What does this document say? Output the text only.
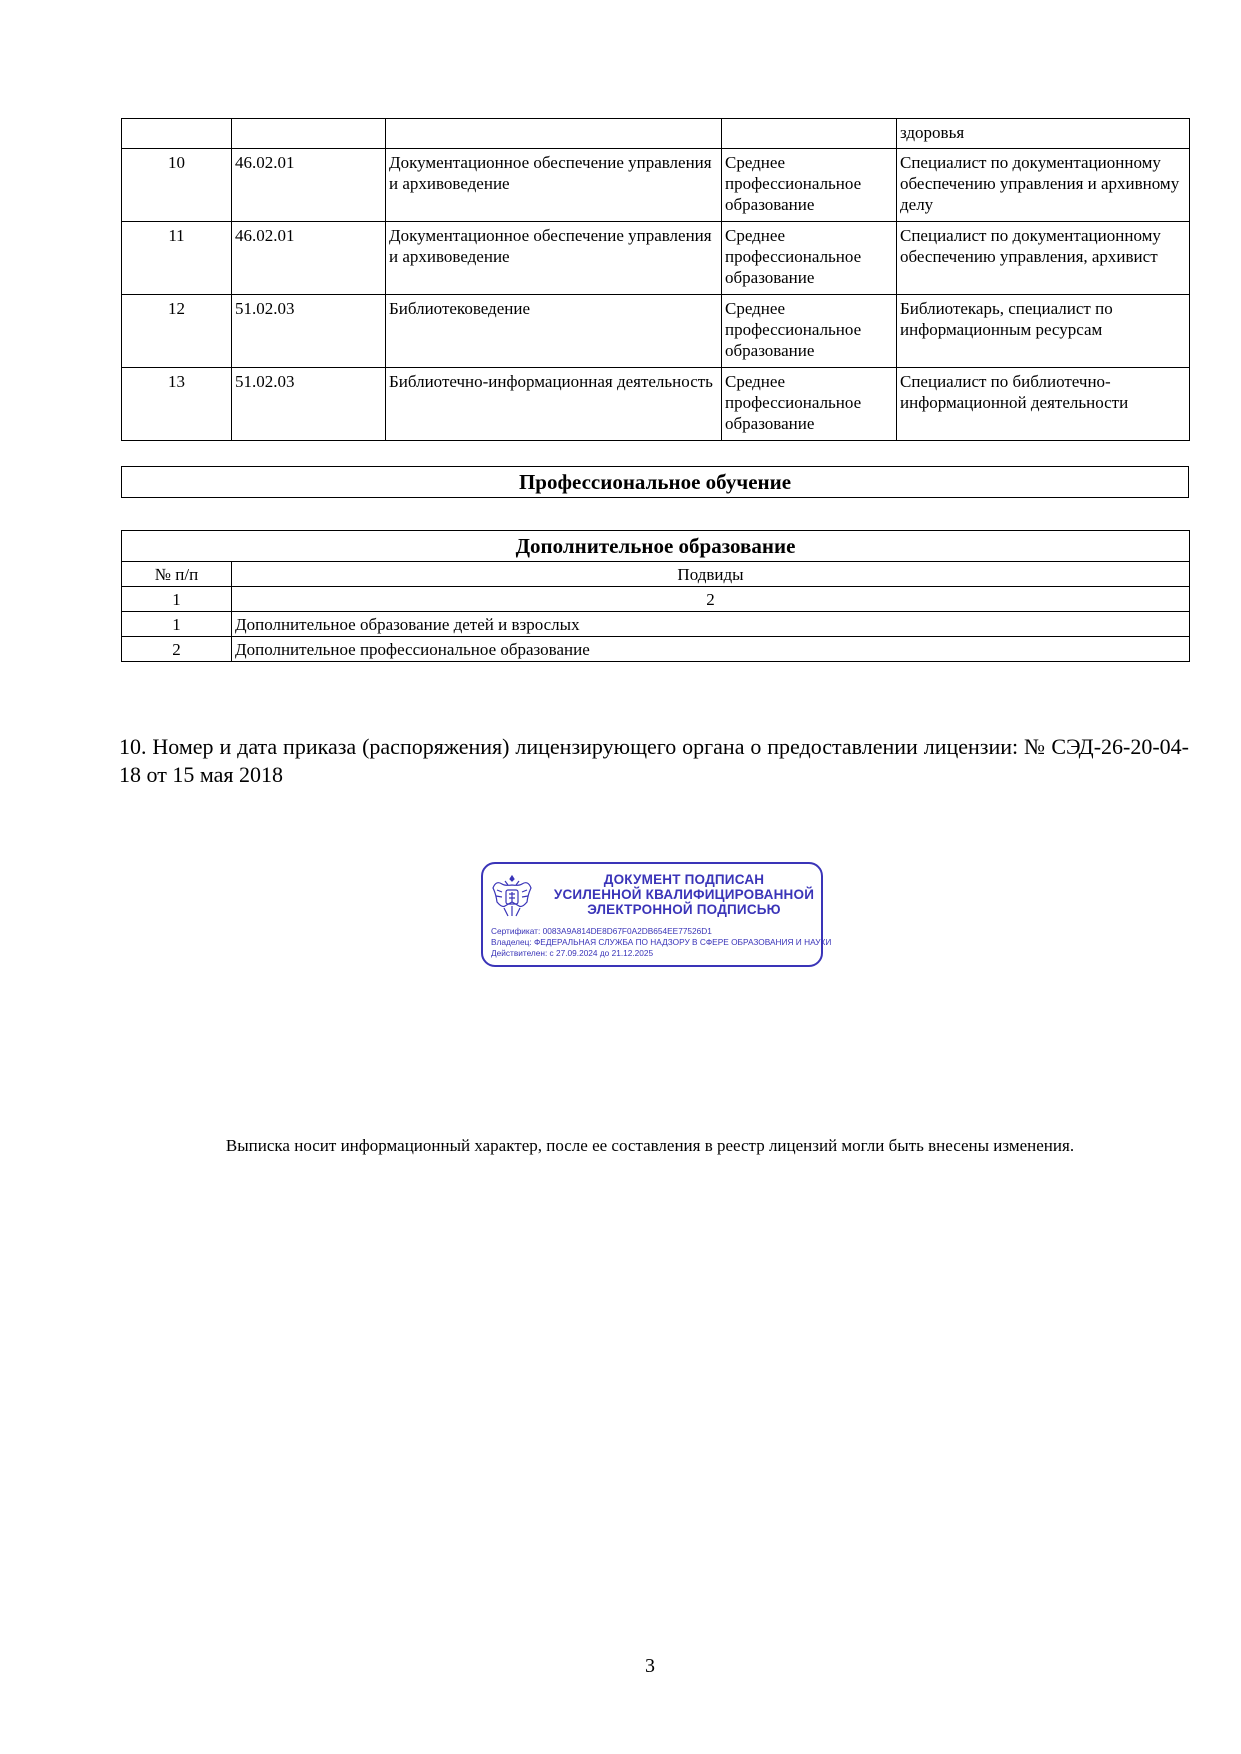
				здоровья
10	46.02.01	Документационное обеспечение управления и архивоведение	Среднее профессиональное образование	Специалист по документационному обеспечению управления и архивному делу
11	46.02.01	Документационное обеспечение управления и архивоведение	Среднее профессиональное образование	Специалист по документационному обеспечению управления, архивист
12	51.02.03	Библиотековедение	Среднее профессиональное образование	Библиотекарь, специалист по информационным ресурсам
13	51.02.03	Библиотечно-информационная деятельность	Среднее профессиональное образование	Специалист по библиотечно-информационной деятельности
Профессиональное обучение
Дополнительное образование	
№ п/п	Подвиды
1	2
1	Дополнительное образование детей и взрослых
2	Дополнительное профессиональное образование
10. Номер и дата приказа (распоряжения) лицензирующего органа о предоставлении лицензии: № СЭД-26-20-04-18 от 15 мая 2018
ДОКУМЕНТ ПОДПИСАН
УСИЛЕННОЙ КВАЛИФИЦИРОВАННОЙ
ЭЛЕКТРОННОЙ ПОДПИСЬЮ
Сертификат: 0083A9A814DE8D67F0A2DB654EE77526D1
Владелец: ФЕДЕРАЛЬНАЯ СЛУЖБА ПО НАДЗОРУ В СФЕРЕ ОБРАЗОВАНИЯ И НАУКИ
Действителен: с 27.09.2024 до 21.12.2025
Выписка носит информационный характер, после ее составления в реестр лицензий могли быть внесены изменения.
3
